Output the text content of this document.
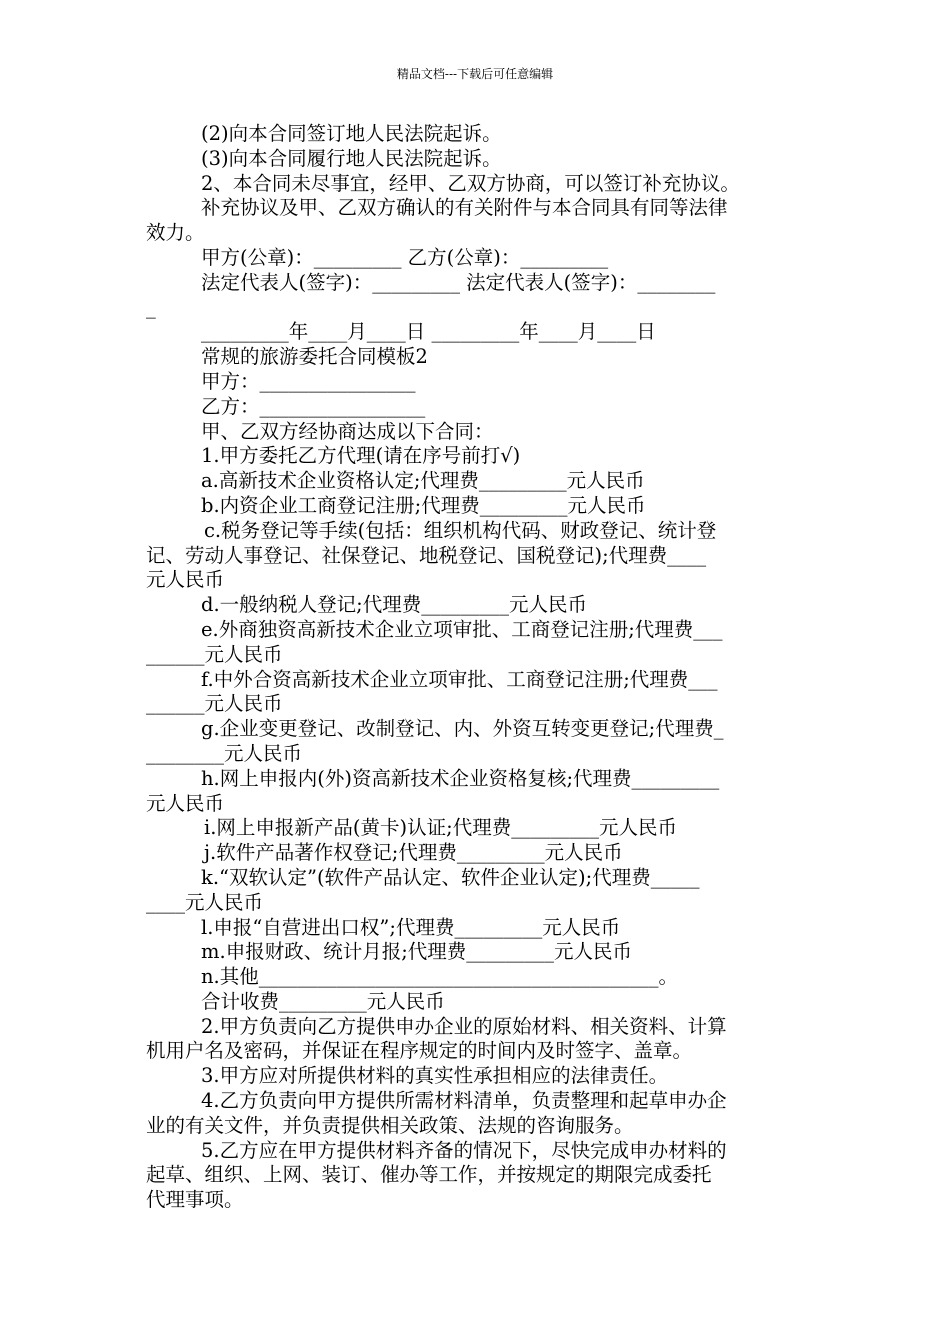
精品文档---下载后可任意编辑
(2)向本合同签订地人民法院起诉。
(3)向本合同履行地人民法院起诉。
2、本合同未尽事宜，经甲、乙双方协商，可以签订补充协议。
补充协议及甲、乙双方确认的有关附件与本合同具有同等法律
效力。
甲方(公章)：_________ 乙方(公章)：_________
法定代表人(签字)：_________ 法定代表人(签字)：________
_
_________年____月____日 _________年____月____日
常规的旅游委托合同模板2
甲方：________________
乙方：_________________
甲、乙双方经协商达成以下合同：
1.甲方委托乙方代理(请在序号前打√)
a.高新技术企业资格认定;代理费_________元人民币
b.内资企业工商登记注册;代理费_________元人民币
c.税务登记等手续(包括：组织机构代码、财政登记、统计登
记、劳动人事登记、社保登记、地税登记、国税登记);代理费____
元人民币
d.一般纳税人登记;代理费_________元人民币
e.外商独资高新技术企业立项审批、工商登记注册;代理费___
______元人民币
f.中外合资高新技术企业立项审批、工商登记注册;代理费___
______元人民币
g.企业变更登记、改制登记、内、外资互转变更登记;代理费_
________元人民币
h.网上申报内(外)资高新技术企业资格复核;代理费_________
元人民币
i.网上申报新产品(黄卡)认证;代理费_________元人民币
j.软件产品著作权登记;代理费_________元人民币
k.“双软认定”(软件产品认定、软件企业认定);代理费_____
____元人民币
l.申报“自营进出口权”;代理费_________元人民币
m.申报财政、统计月报;代理费_________元人民币
n.其他_________________________________________。
合计收费_________元人民币
2.甲方负责向乙方提供申办企业的原始材料、相关资料、计算
机用户名及密码，并保证在程序规定的时间内及时签字、盖章。
3.甲方应对所提供材料的真实性承担相应的法律责任。
4.乙方负责向甲方提供所需材料清单，负责整理和起草申办企
业的有关文件，并负责提供相关政策、法规的咨询服务。
5.乙方应在甲方提供材料齐备的情况下，尽快完成申办材料的
起草、组织、上网、装订、催办等工作，并按规定的期限完成委托
代理事项。
